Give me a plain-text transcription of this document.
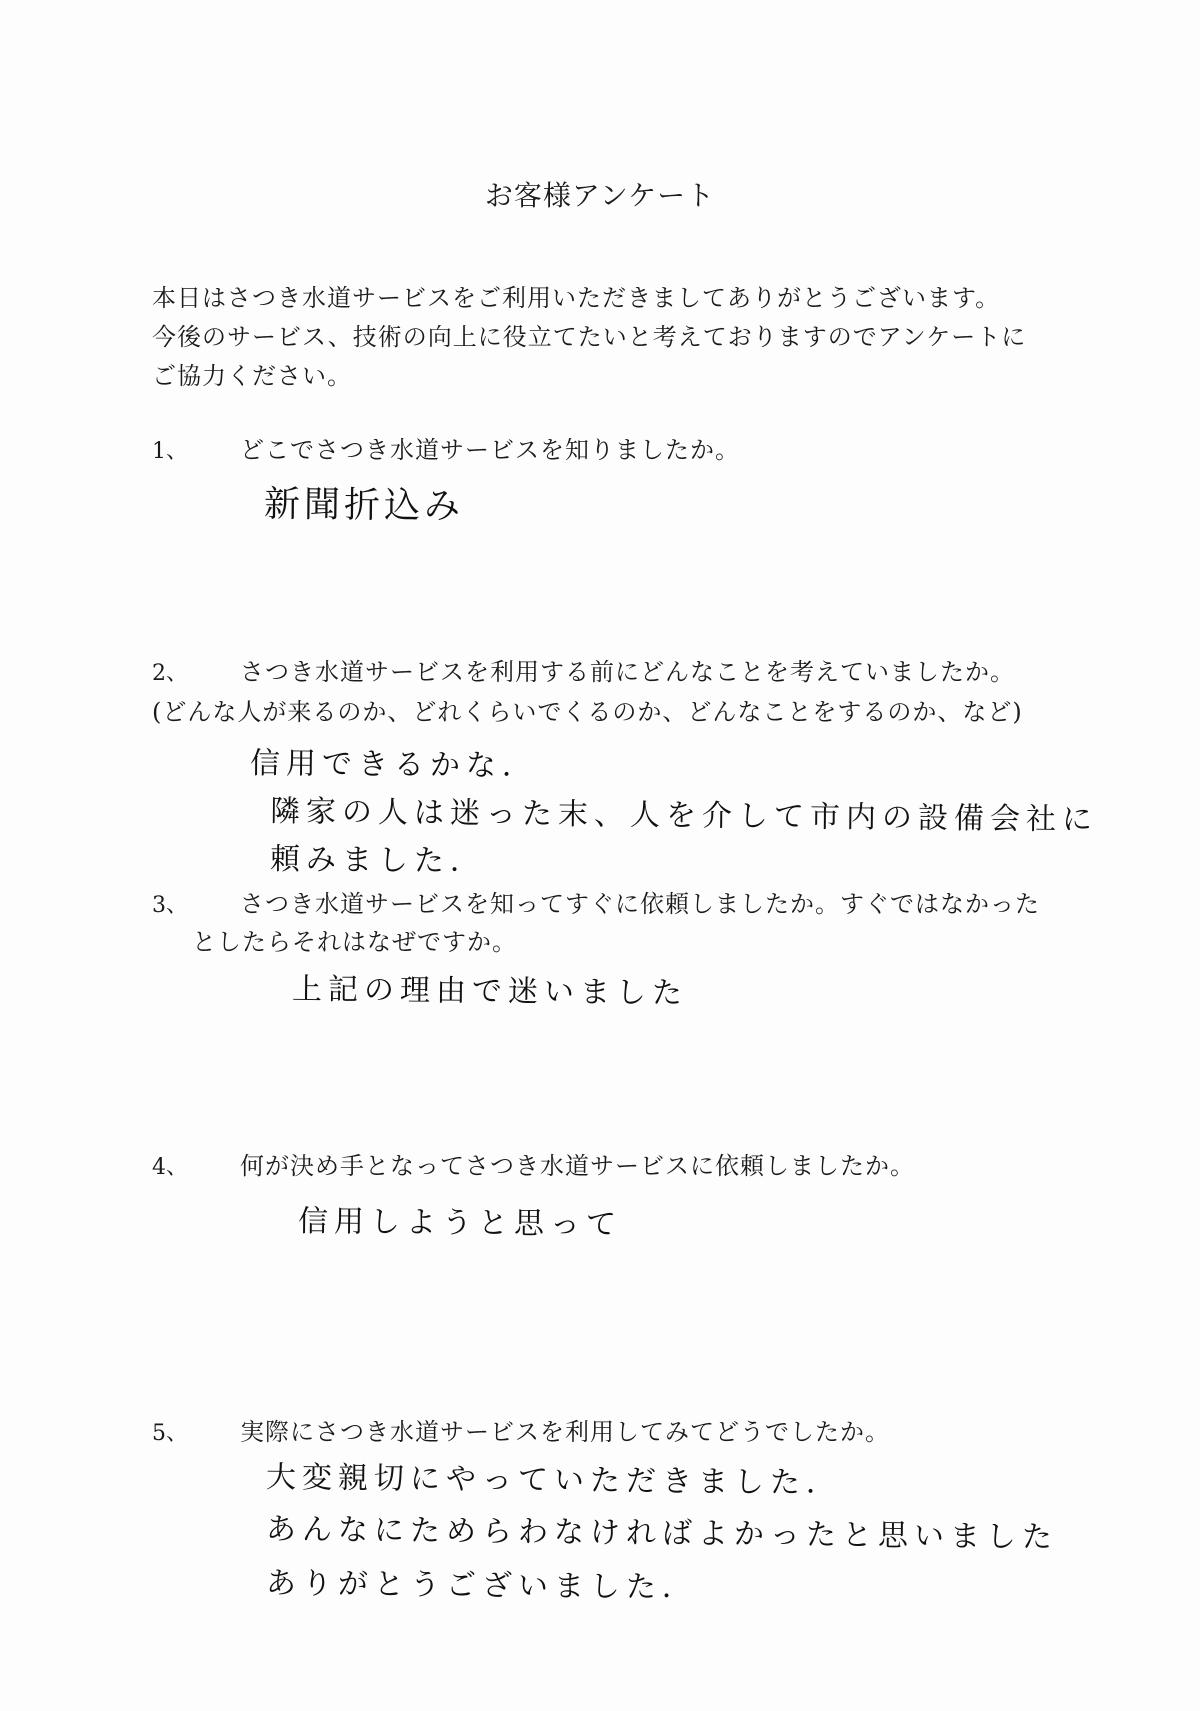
お客様アンケート
本日はさつき水道サービスをご利用いただきましてありがとうございます。
今後のサービス、技術の向上に役立てたいと考えておりますのでアンケートに
ご協力ください。
1、 どこでさつき水道サービスを知りましたか。
新聞折込み
2、 さつき水道サービスを利用する前にどんなことを考えていましたか。
(どんな人が来るのか、どれくらいでくるのか、どんなことをするのか、など)
信用できるかな．
隣家の人は迷った末、人を介して市内の設備会社に
頼みました．
3、 さつき水道サービスを知ってすぐに依頼しましたか。すぐではなかった
としたらそれはなぜですか。
上記の理由で迷いました
4、 何が決め手となってさつき水道サービスに依頼しましたか。
信用しようと思って
5、 実際にさつき水道サービスを利用してみてどうでしたか。
大変親切にやっていただきました．
あんなにためらわなければよかったと思いました
ありがとうございました．
